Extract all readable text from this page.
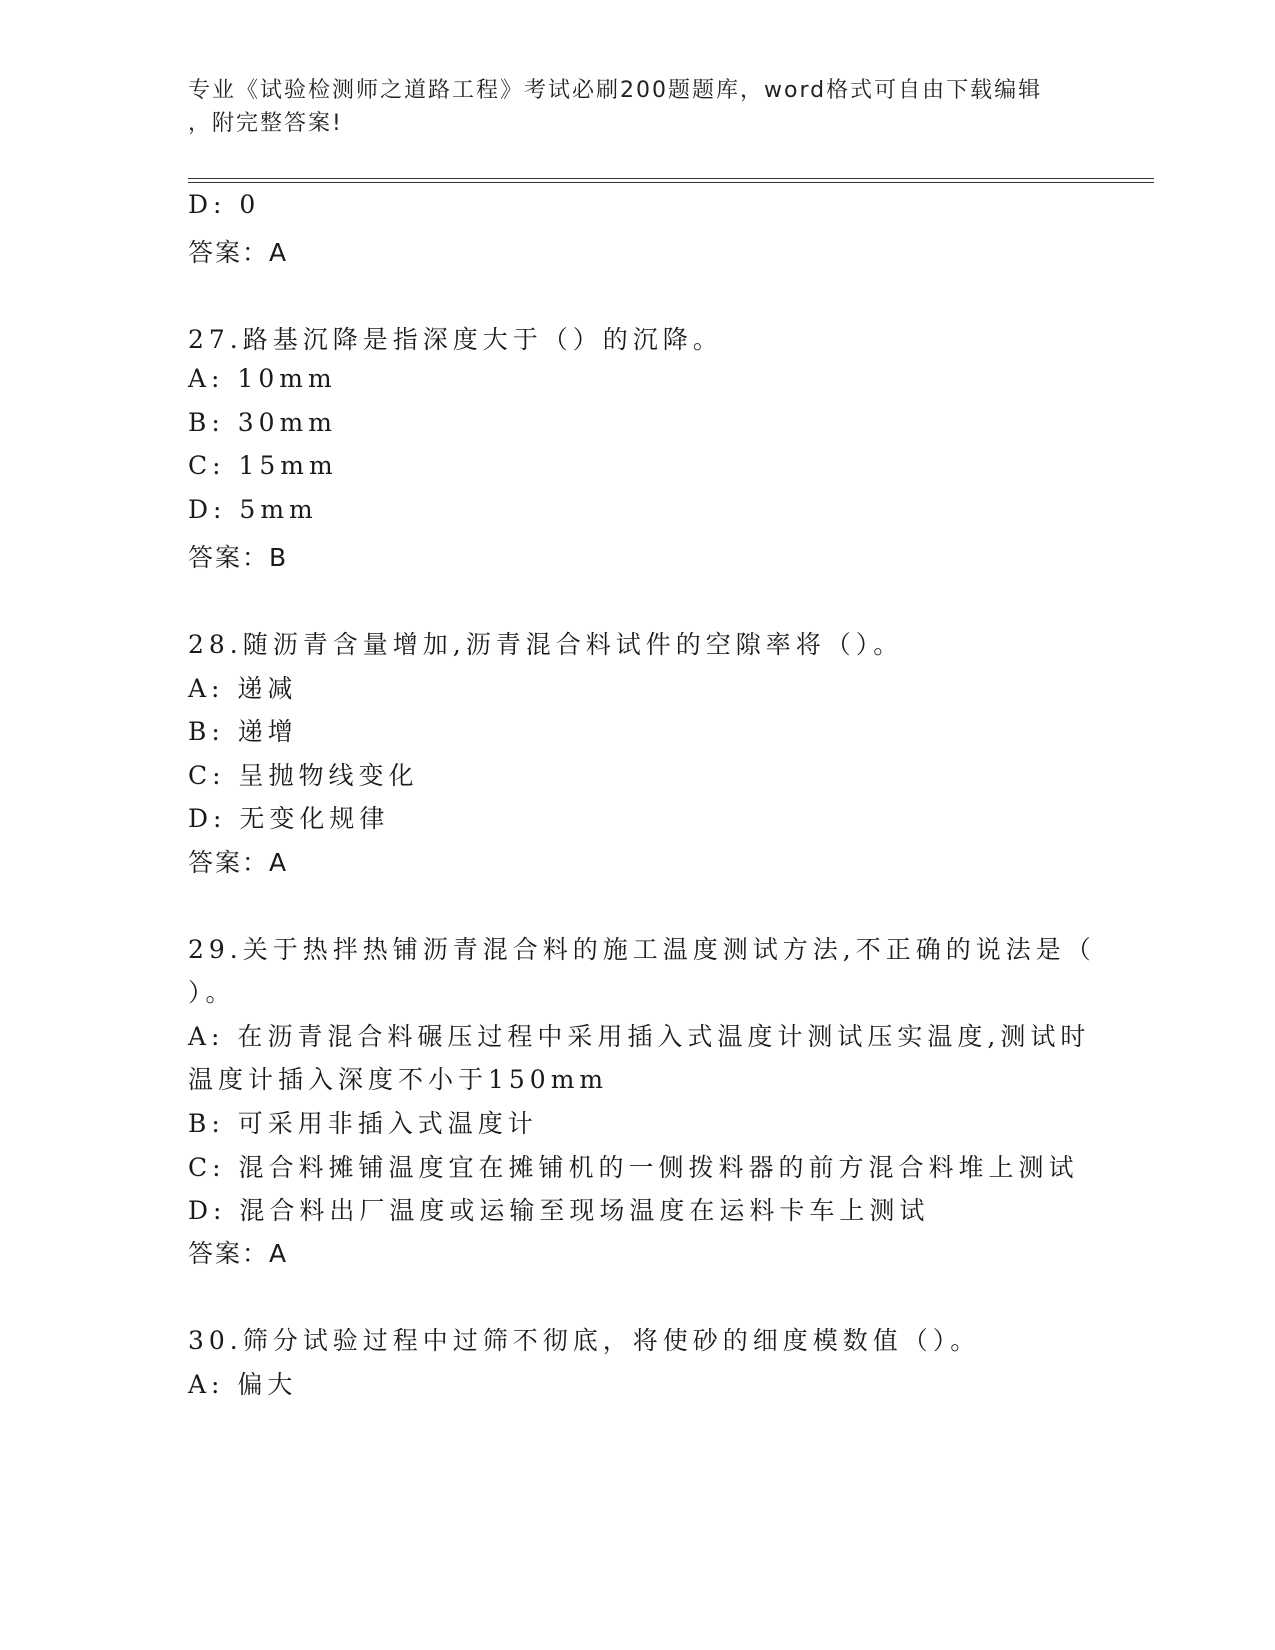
专业《试验检测师之道路工程》考试必刷200题题库，word格式可自由下载编辑
，附完整答案!
D: 0
答案：A
27.路基沉降是指深度大于（）的沉降。
A: 10mm
B: 30mm
C: 15mm
D: 5mm
答案：B
28.随沥青含量增加,沥青混合料试件的空隙率将（）。
A: 递减
B: 递增
C: 呈抛物线变化
D: 无变化规律
答案：A
29.关于热拌热铺沥青混合料的施工温度测试方法,不正确的说法是（
）。
A: 在沥青混合料碾压过程中采用插入式温度计测试压实温度,测试时
温度计插入深度不小于150mm
B: 可采用非插入式温度计
C: 混合料摊铺温度宜在摊铺机的一侧拨料器的前方混合料堆上测试
D: 混合料出厂温度或运输至现场温度在运料卡车上测试
答案：A
30.筛分试验过程中过筛不彻底，将使砂的细度模数值（）。
A: 偏大
